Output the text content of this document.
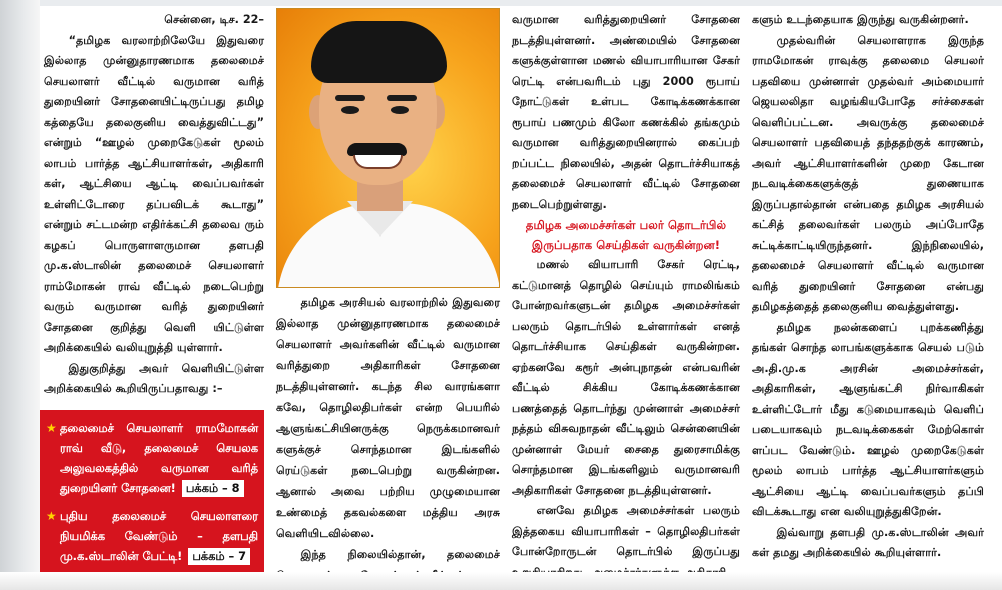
சென்னை, டிச. 22–

“தமிழக வரலாற்றிலேயே இதுவரை இல்லாத முன்னுதாரணமாக தலைமைச் செயலாளர் வீட்டில் வருமான வரித் துறையினர் சோதனையிட்டிருப்பது தமிழ கத்தையே தலைகுனிய வைத்துவிட்டது” என்றும் “ஊழல் முறைகேடுகள் மூலம் லாபம் பார்த்த ஆட்சியாளர்கள், அதிகாரி கள், ஆட்சியை ஆட்டி வைப்பவர்கள் உள்ளிட்டோரை தப்பவிடக் கூடாது” என்றும் சட்டமன்ற எதிர்க்கட்சி தலைவ ரும் கழகப் பொருளாளருமான தளபதி மு.க.ஸ்டாலின் தலைமைச் செயலாளர் ராம்மோகன் ராவ் வீட்டில் நடைபெற்று வரும் வருமான வரித் துறையினர் சோதனை குறித்து வெளி யிட்டுள்ள அறிக்கையில் வலியுறுத்தி யுள்ளார்.

இதுகுறித்து அவர் வெளியிட்டுள்ள அறிக்கையில் கூறியிருப்பதாவது :–

★ தலைமைச் செயலாளர் ராமமோகன் ராவ் வீடு, தலைமைச் செயலக அலுவலகத்தில் வருமான வரித் துறையினர் சோதனை! பக்கம் – 8
★ புதிய தலைமைச் செயலாளரை நியமிக்க வேண்டும் – தளபதி மு.க.ஸ்டாலின் பேட்டி! பக்கம் – 7

தமிழக அரசியல் வரலாற்றில் இதுவரை இல்லாத முன்னுதாரணமாக தலைமைச் செயலாளர் அவர்களின் வீட்டில் வருமான வரித்துறை அதிகாரிகள் சோதனை நடத்தியுள்ளனர். கடந்த சில வாரங்களா கவே, தொழிலதிபர்கள் என்ற பெயரில் ஆளுங்கட்சியினருக்கு நெருக்கமானவர் களுக்குச் சொந்தமான இடங்களில் ரெய்டுகள் நடைபெற்று வருகின்றன. ஆனால் அவை பற்றிய முழுமையான உண்மைத் தகவல்களை மத்திய அரசு வெளியிடவில்லை.

இந்த நிலையில்தான், தலைமைச்

வருமான வரித்துறையினர் சோதனை நடத்தியுள்ளனர். அண்மையில் சோதனை களுக்குள்ளான மணல் வியாபாரியான சேகர் ரெட்டி என்பவரிடம் புது 2000 ரூபாய் நோட்டுகள் உள்பட கோடிக்கணக்கான ரூபாய் பணமும் கிலோ கணக்கில் தங்கமும் வருமான வரித்துறையினரால் கைப்பற் றப்பட்ட நிலையில், அதன் தொடர்ச்சியாகத் தலைமைச் செயலாளர் வீட்டில் சோதனை நடைபெற்றுள்ளது.

தமிழக அமைச்சர்கள் பலர் தொடர்பில் இருப்பதாக செய்திகள் வருகின்றன!

மணல் வியாபாரி சேகர் ரெட்டி, கட்டுமானத் தொழில் செய்யும் ராமலிங்கம் போன்றவர்களுடன் தமிழக அமைச்சர்கள் பலரும் தொடர்பில் உள்ளார்கள் எனத் தொடர்ச்சியாக செய்திகள் வருகின்றன. ஏற்கனவே கரூர் அன்புநாதன் என்பவரின் வீட்டில் சிக்கிய கோடிக்கணக்கான பணத்தைத் தொடர்ந்து முன்னாள் அமைச்சர் நத்தம் விசுவநாதன் வீட்டிலும் சென்னையின் முன்னாள் மேயர் சைதை துரைசாமிக்கு சொந்தமான இடங்களிலும் வருமானவரி அதிகாரிகள் சோதனை நடத்தியுள்ளனர்.

எனவே தமிழக அமைச்சர்கள் பலரும் இத்தகைய வியாபாரிகள் – தொழிலதிபர்கள் போன்றோருடன் தொடர்பில் இருப்பது

களும் உடந்தையாக இருந்து வருகின்றனர்.

முதல்வரின் செயலாளராக இருந்த ராமமோகன் ராவுக்கு தலைமை செயலர் பதவியை முன்னாள் முதல்வர் அம்மையார் ஜெயலலிதா வழங்கியபோதே சர்ச்சைகள் வெளிப்பட்டன. அவருக்கு தலைமைச் செயலாளர் பதவியைத் தந்ததற்குக் காரணம், அவர் ஆட்சியாளர்களின் முறை கேடான நடவடிக்கைகளுக்குத் துணையாக இருப்பதால்தான் என்பதை தமிழக அரசியல் கட்சித் தலைவர்கள் பலரும் அப்போதே சுட்டிக்காட்டியிருந்தனர். இந்நிலையில், தலைமைச் செயலாளர் வீட்டில் வருமான வரித் துறையினர் சோதனை என்பது தமிழகத்தைத் தலைகுனிய வைத்துள்ளது.

தமிழக நலன்களைப் புறக்கணித்து தங்கள் சொந்த லாபங்களுக்காக செயல் படும் அ.தி.மு.க அரசின் அமைச்சர்கள், அதிகாரிகள், ஆளுங்கட்சி நிர்வாகிகள் உள்ளிட்டோர் மீது கடுமையாகவும் வெளிப் படையாகவும் நடவடிக்கைகள் மேற்கொள் ளப்பட வேண்டும். ஊழல் முறைகேடுகள் மூலம் லாபம் பார்த்த ஆட்சியாளர்களும் ஆட்சியை ஆட்டி வைப்பவர்களும் தப்பி விடக்கூடாது என வலியுறுத்துகிறேன்.

இவ்வாறு தளபதி மு.க.ஸ்டாலின் அவர் கள் தமது அறிக்கையில் கூறியுள்ளார்.
